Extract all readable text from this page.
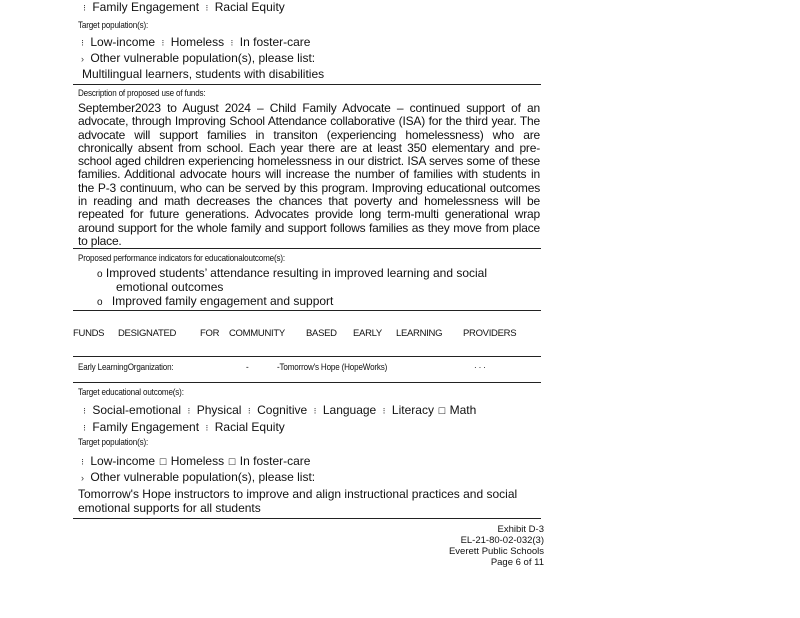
⁝ Family Engagement ⁝ Racial Equity
Target population(s):
⁝ Low-income ⁝ Homeless ⁝ In foster-care
› Other vulnerable population(s), please list:
Multilingual learners, students with disabilities
Description of proposed use of funds:
September2023 to August 2024 – Child Family Advocate – continued support of an advocate, through Improving School Attendance collaborative (ISA) for the third year. The advocate will support families in transiton (experiencing homelessness) who are chronically absent from school. Each year there are at least 350 elementary and pre-school aged children experiencing homelessness in our district. ISA serves some of these families. Additional advocate hours will increase the number of families with students in the P-3 continuum, who can be served by this program. Improving educational outcomes in reading and math decreases the chances that poverty and homelessness will be repeated for future generations. Advocates provide long term-multi generational wrap around support for the whole family and support follows families as they move from place to place.
Proposed performance indicators for educationaloutcome(s):
o Improved students’ attendance resulting in improved learning and social
emotional outcomes
o Improved family engagement and support
FUNDS DESIGNATED	FOR COMMUNITY BASED EARLY LEARNING PROVIDERS
Early LearningOrganization:	-	-Tomorrow's Hope (HopeWorks)	· · ·
Target educational outcome(s):
⁝ Social-emotional ⁝ Physical ⁝ Cognitive ⁝ Language ⁝ Literacy ☐ Math
⁝ Family Engagement ⁝ Racial Equity
Target population(s):
⁝ Low-income ☐ Homeless ☐ In foster-care
› Other vulnerable population(s), please list:
Tomorrow's Hope instructors to improve and align instructional practices and social
emotional supports for all students
Exhibit D-3
EL-21-80-02-032(3)
Everett Public Schools
Page 6 of 11
